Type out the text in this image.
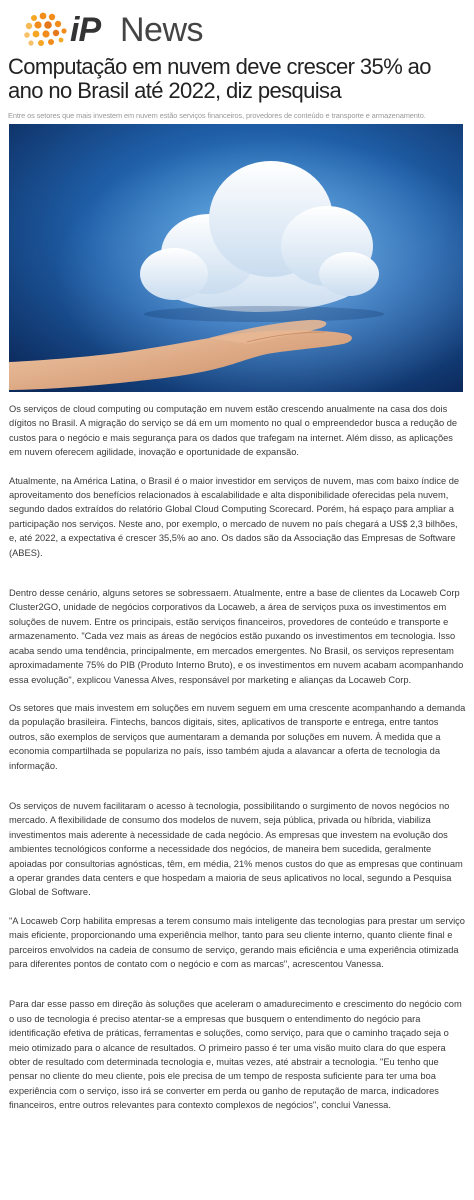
iP News
Computação em nuvem deve crescer 35% ao ano no Brasil até 2022, diz pesquisa
Entre os setores que mais investem em nuvem estão serviços financeiros, provedores de conteúdo e transporte e armazenamento.

Os serviços de cloud computing ou computação em nuvem estão crescendo anualmente na casa dos dois dígitos no Brasil. A migração do serviço se dá em um momento no qual o empreendedor busca a redução de custos para o negócio e mais segurança para os dados que trafegam na internet. Além disso, as aplicações em nuvem oferecem agilidade, inovação e oportunidade de expansão.

Atualmente, na América Latina, o Brasil é o maior investidor em serviços de nuvem, mas com baixo índice de aproveitamento dos benefícios relacionados à escalabilidade e alta disponibilidade oferecidas pela nuvem, segundo dados extraídos do relatório Global Cloud Computing Scorecard. Porém, há espaço para ampliar a participação nos serviços. Neste ano, por exemplo, o mercado de nuvem no país chegará a US$ 2,3 bilhões, e, até 2022, a expectativa é crescer 35,5% ao ano. Os dados são da Associação das Empresas de Software (ABES).

Dentro desse cenário, alguns setores se sobressaem. Atualmente, entre a base de clientes da Locaweb Corp Cluster2GO, unidade de negócios corporativos da Locaweb, a área de serviços puxa os investimentos em soluções de nuvem. Entre os principais, estão serviços financeiros, provedores de conteúdo e transporte e armazenamento. "Cada vez mais as áreas de negócios estão puxando os investimentos em tecnologia. Isso acaba sendo uma tendência, principalmente, em mercados emergentes. No Brasil, os serviços representam aproximadamente 75% do PIB (Produto Interno Bruto), e os investimentos em nuvem acabam acompanhando essa evolução", explicou Vanessa Alves, responsável por marketing e alianças da Locaweb Corp.

Os setores que mais investem em soluções em nuvem seguem em uma crescente acompanhando a demanda da população brasileira. Fintechs, bancos digitais, sites, aplicativos de transporte e entrega, entre tantos outros, são exemplos de serviços que aumentaram a demanda por soluções em nuvem. À medida que a economia compartilhada se populariza no país, isso também ajuda a alavancar a oferta de tecnologia da informação.

Os serviços de nuvem facilitaram o acesso à tecnologia, possibilitando o surgimento de novos negócios no mercado. A flexibilidade de consumo dos modelos de nuvem, seja pública, privada ou híbrida, viabiliza investimentos mais aderente à necessidade de cada negócio. As empresas que investem na evolução dos ambientes tecnológicos conforme a necessidade dos negócios, de maneira bem sucedida, geralmente apoiadas por consultorias agnósticas, têm, em média, 21% menos custos do que as empresas que continuam a operar grandes data centers e que hospedam a maioria de seus aplicativos no local, segundo a Pesquisa Global de Software.

"A Locaweb Corp habilita empresas a terem consumo mais inteligente das tecnologias para prestar um serviço mais eficiente, proporcionando uma experiência melhor, tanto para seu cliente interno, quanto cliente final e parceiros envolvidos na cadeia de consumo de serviço, gerando mais eficiência e uma experiência otimizada para diferentes pontos de contato com o negócio e com as marcas", acrescentou Vanessa.

Para dar esse passo em direção às soluções que aceleram o amadurecimento e crescimento do negócio com o uso de tecnologia é preciso atentar-se a empresas que busquem o entendimento do negócio para identificação efetiva de práticas, ferramentas e soluções, como serviço, para que o caminho traçado seja o meio otimizado para o alcance de resultados. O primeiro passo é ter uma visão muito clara do que espera obter de resultado com determinada tecnologia e, muitas vezes, até abstrair a tecnologia. "Eu tenho que pensar no cliente do meu cliente, pois ele precisa de um tempo de resposta suficiente para ter uma boa experiência com o serviço, isso irá se converter em perda ou ganho de reputação de marca, indicadores financeiros, entre outros relevantes para contexto complexos de negócios", conclui Vanessa.
